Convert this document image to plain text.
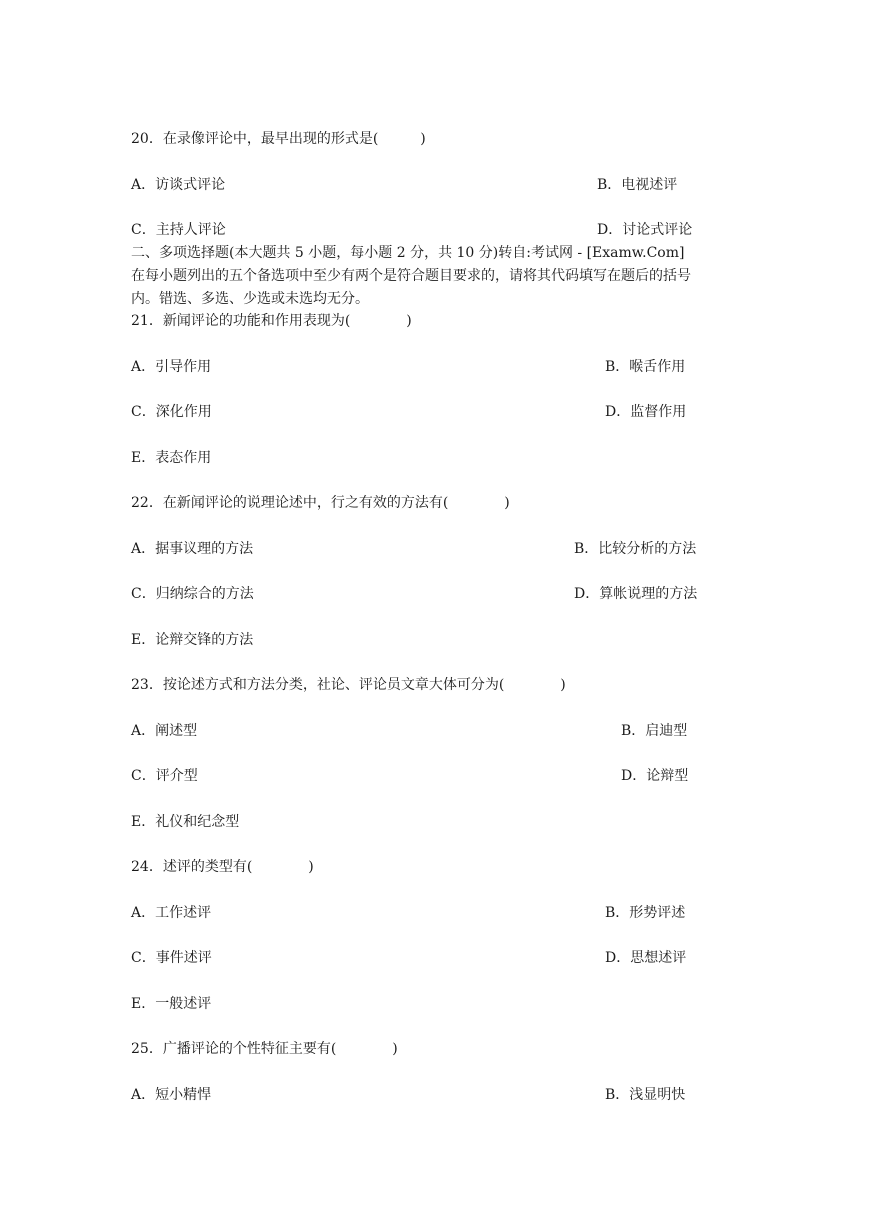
20．在录像评论中，最早出现的形式是(　　　)
A．访谈式评论	B．电视述评
C．主持人评论	D．讨论式评论
二、多项选择题(本大题共 5 小题，每小题 2 分，共 10 分)转自:考试网 - [Examw.Com]
在每小题列出的五个备选项中至少有两个是符合题目要求的，请将其代码填写在题后的括号
内。错选、多选、少选或未选均无分。
21．新闻评论的功能和作用表现为(　　　　)
A．引导作用	B．喉舌作用
C．深化作用	D．监督作用
E．表态作用
22．在新闻评论的说理论述中，行之有效的方法有(　　　　)
A．据事议理的方法	B．比较分析的方法
C．归纳综合的方法	D．算帐说理的方法
E．论辩交锋的方法
23．按论述方式和方法分类，社论、评论员文章大体可分为(　　　　)
A．阐述型	B．启迪型
C．评介型	D．论辩型
E．礼仪和纪念型
24．述评的类型有(　　　　)
A．工作述评	B．形势评述
C．事件述评	D．思想述评
E．一般述评
25．广播评论的个性特征主要有(　　　　)
A．短小精悍	B．浅显明快
